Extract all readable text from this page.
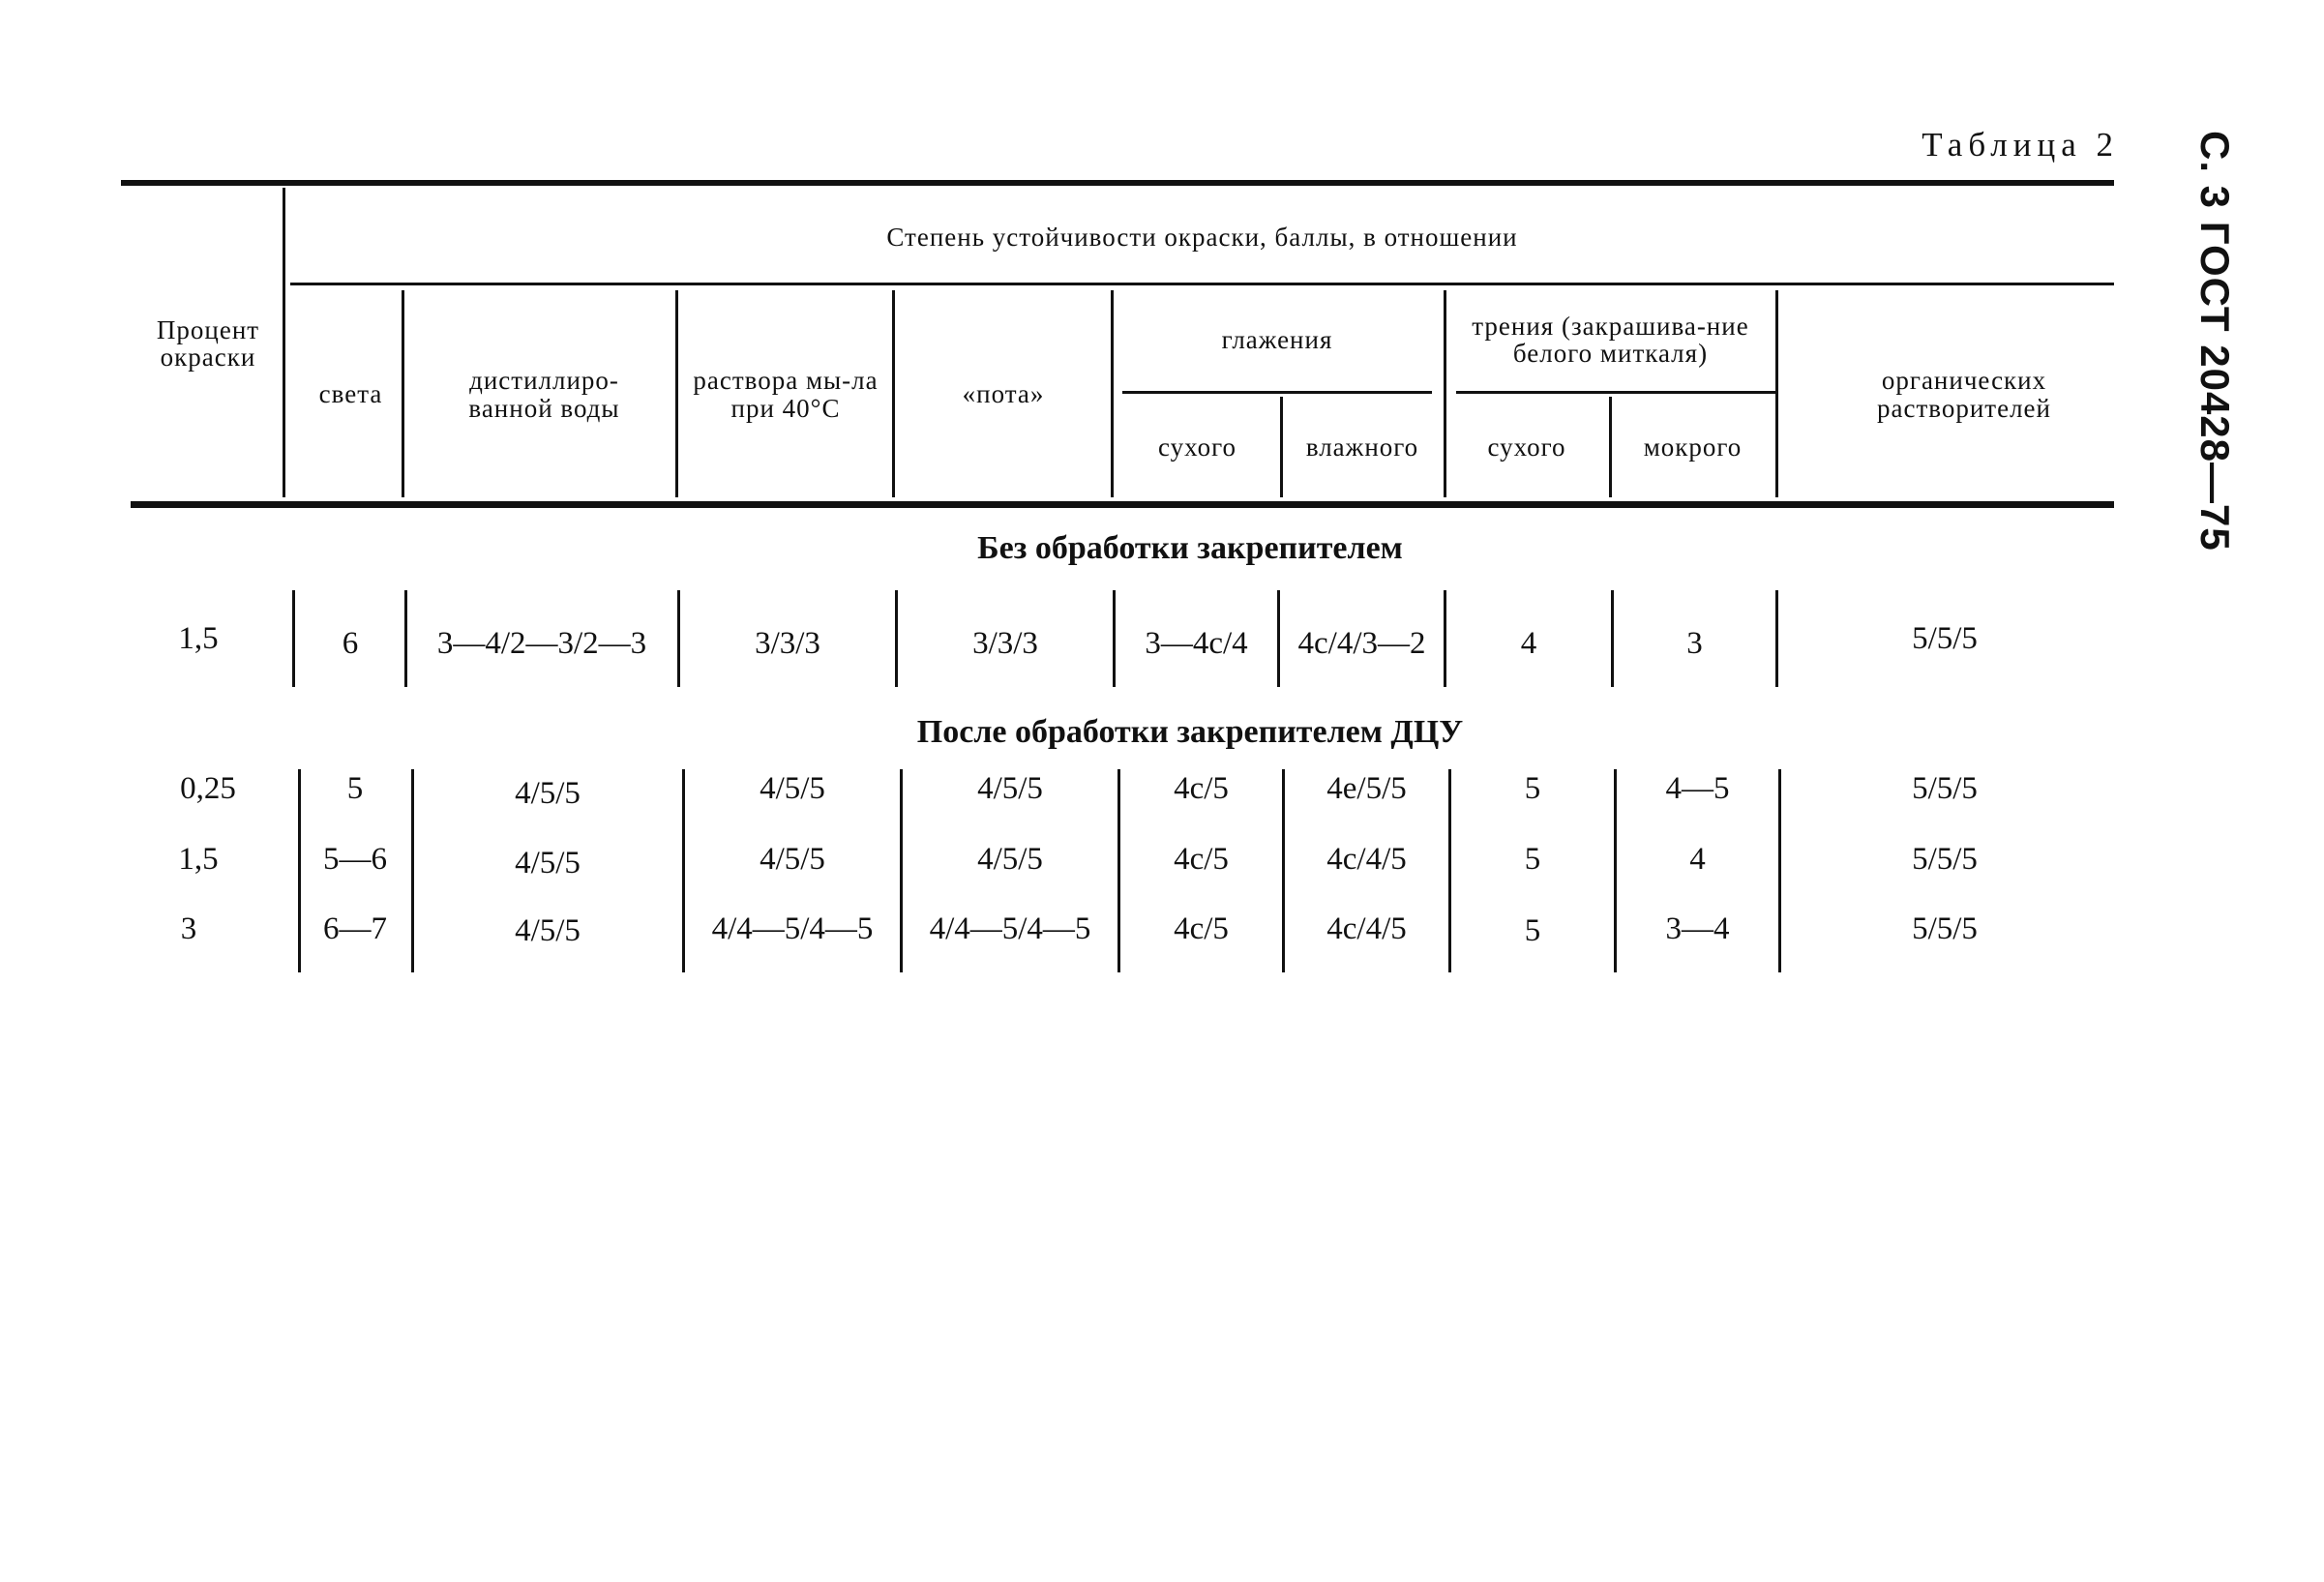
Таблица 2 С. 3 ГОСТ 20428—75
Процент окраски
Степень устойчивости окраски, баллы, в отношении
света	дистиллиро-ванной воды
раствора мы-ла при 40°С	«пота»
глажения
сухого	влажного
трения (закрашива-ние белого миткаля)
сухого	мокрого
органических растворителей
Без обработки закрепителем
После обработки закрепителем ДЦУ
1,5	6	3—4/2—3/2—3	3/3/3	3/3/3	3—4с/4	4с/4/3—2	4	3	5/5/5
0,25	5	4/5/5	4/5/5	4/5/5	4с/5	4е/5/5	5	4—5	5/5/5
1,5	5—6	4/5/5	4/5/5	4/5/5	4с/5	4с/4/5	5	4	5/5/5
3	6—7	4/5/5	4/4—5/4—5	4/4—5/4—5	4с/5	4с/4/5	5	3—4	5/5/5
